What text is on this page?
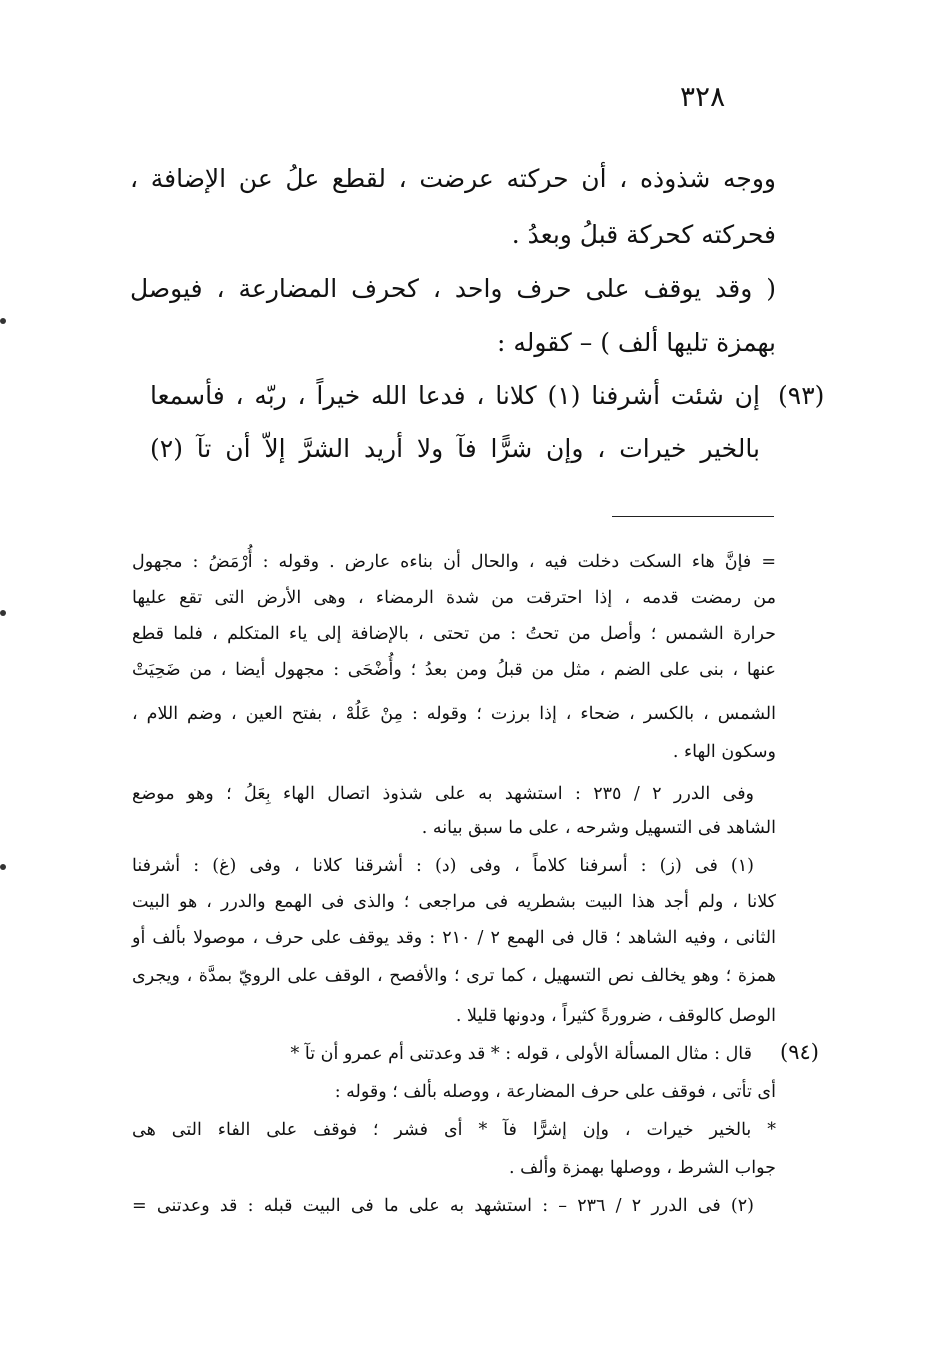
٣٢٨
ووجه شذوذه ، أن حركته عرضت ، لقطع علُ عن الإضافة ،
فحركته كحركة قبلُ وبعدُ .
( وقد يوقف على حرف واحد ، كحرف المضارعة ، فيوصل
بهمزة تليها ألف ) – كقوله :
(٩٣)
إن شئت أشرفنا (١) كلانا ، فدعا الله خيراً ، ربّه ، فأسمعا
بالخير خيرات ، وإن شرًّا فآ ولا أريد الشرَّ إلاّ أن تآ (٢)
= فإنَّ هاء السكت دخلت فيه ، والحال أن بناءه عارض . وقوله : أُرْمَضُ : مجهول
من رمضت قدمه ، إذا احترقت من شدة الرمضاء ، وهى الأرض التى تقع عليها
حرارة الشمس ؛ وأصل من تحتُ : من تحتى ، بالإضافة إلى ياء المتكلم ، فلما قطع
عنها ، بنى على الضم ، مثل من قبلُ ومن بعدُ ؛ وأُضْحَى : مجهول أيضا ، من ضَحِيَتْ
الشمس ، بالكسر ، ضحاء ، إذا برزت ؛ وقوله : مِنْ عَلُهْ ، بفتح العين ، وضم اللام ،
وسكون الهاء .
وفى الدرر ٢ / ٢٣٥ : استشهد به على شذوذ اتصال الهاء بِعَلُ ؛ وهو موضع
الشاهد فى التسهيل وشرحه ، على ما سبق بيانه .
(١) فى (ز) : أسرفنا كلاماً ، وفى (د) : أشرقنا كلانا ، وفى (غ) : أشرفنا
كلانا ، ولم أجد هذا البيت بشطريه فى مراجعى ؛ والذى فى الهمع والدرر ، هو البيت
الثانى ، وفيه الشاهد ؛ قال فى الهمع ٢ / ٢١٠ : وقد يوقف على حرف ، موصولا بألف أو
همزة ؛ وهو يخالف نص التسهيل ، كما ترى ؛ والأفصح ، الوقف على الرويّ بمدَّة ، ويجرى
الوصل كالوقف ، ضرورةً كثيراً ، ودونها قليلا .
(٩٤)
قال : مثال المسألة الأولى ، قوله : * قد وعدتنى أم عمرو أن تآ *
أى تأتى ، فوقف على حرف المضارعة ، ووصله بألف ؛ وقوله :
* بالخير خيرات ، وإن إشرًّا فآ * أى فشر ؛ فوقف على الفاء التى هى
جواب الشرط ، ووصلها بهمزة وألف .
(٢) فى الدرر ٢ / ٢٣٦ – : استشهد به على ما فى البيت قبله : قد وعدتنى =
